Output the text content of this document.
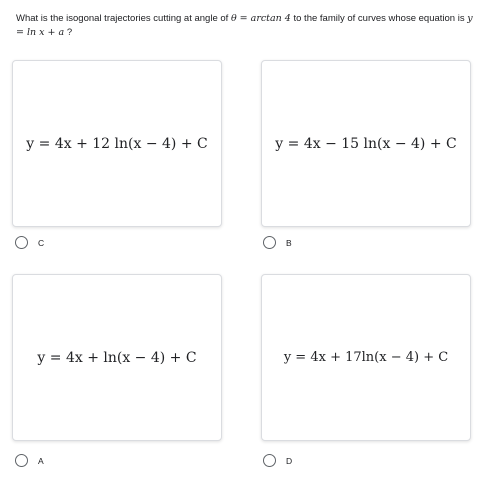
What is the isogonal trajectories cutting at angle of θ = arctan 4 to the family of curves whose equation is y = ln x + a ?
y = 4x + 12 ln(x − 4) + C
C
y = 4x − 15 ln(x − 4) + C
B
y = 4x + ln(x − 4) + C
A
y = 4x + 17ln(x − 4) + C
D
